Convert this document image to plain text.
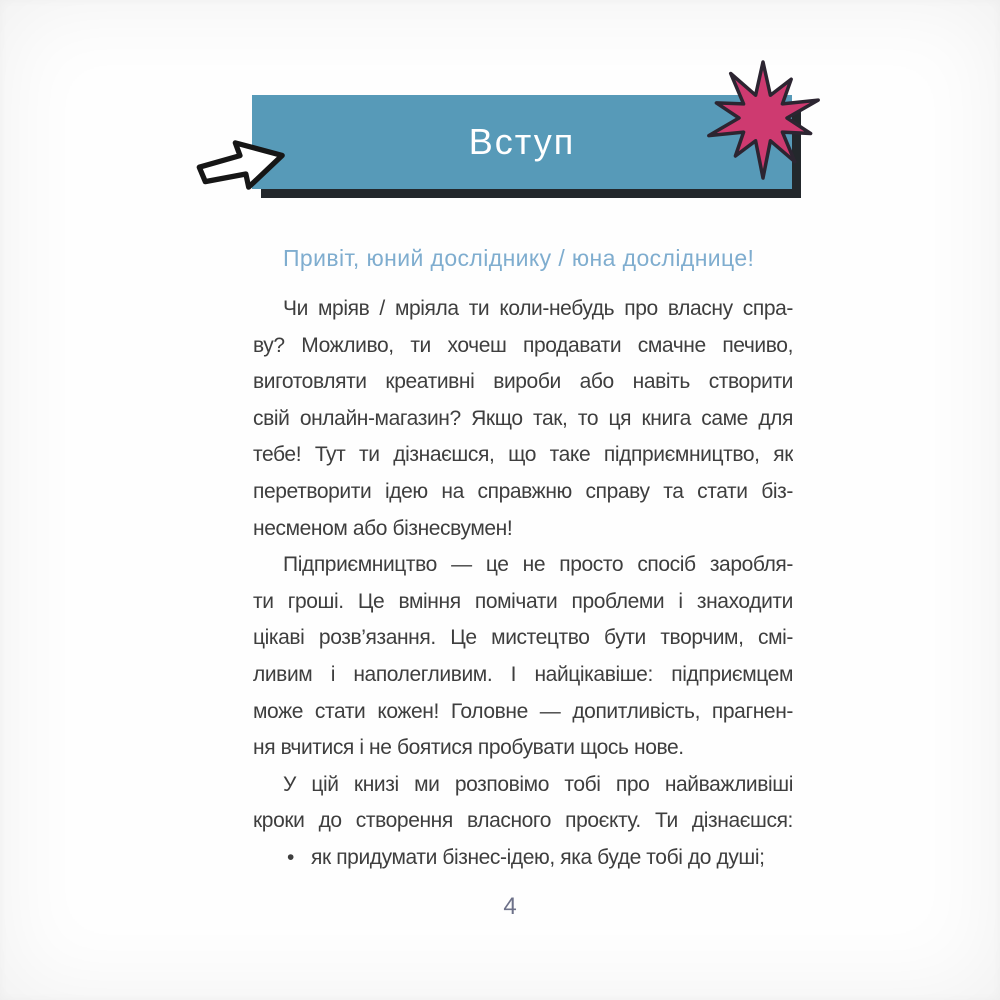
Вступ
Привіт, юний досліднику / юна досліднице!
Чи мріяв / мріяла ти коли-небудь про власну спра-
ву? Можливо, ти хочеш продавати смачне печиво,
виготовляти креативні вироби або навіть створити
свій онлайн-магазин? Якщо так, то ця книга саме для
тебе! Тут ти дізнаєшся, що таке підприємництво, як
перетворити ідею на справжню справу та стати біз-
несменом або бізнесвумен!
Підприємництво — це не просто спосіб заробля-
ти гроші. Це вміння помічати проблеми і знаходити
цікаві розв’язання. Це мистецтво бути творчим, смі-
ливим і наполегливим. І найцікавіше: підприємцем
може стати кожен! Головне — допитливість, прагнен-
ня вчитися і не боятися пробувати щось нове.
У цій книзі ми розповімо тобі про найважливіші
кроки до створення власного проєкту. Ти дізнаєшся:
• як придумати бізнес-ідею, яка буде тобі до душі;
4
